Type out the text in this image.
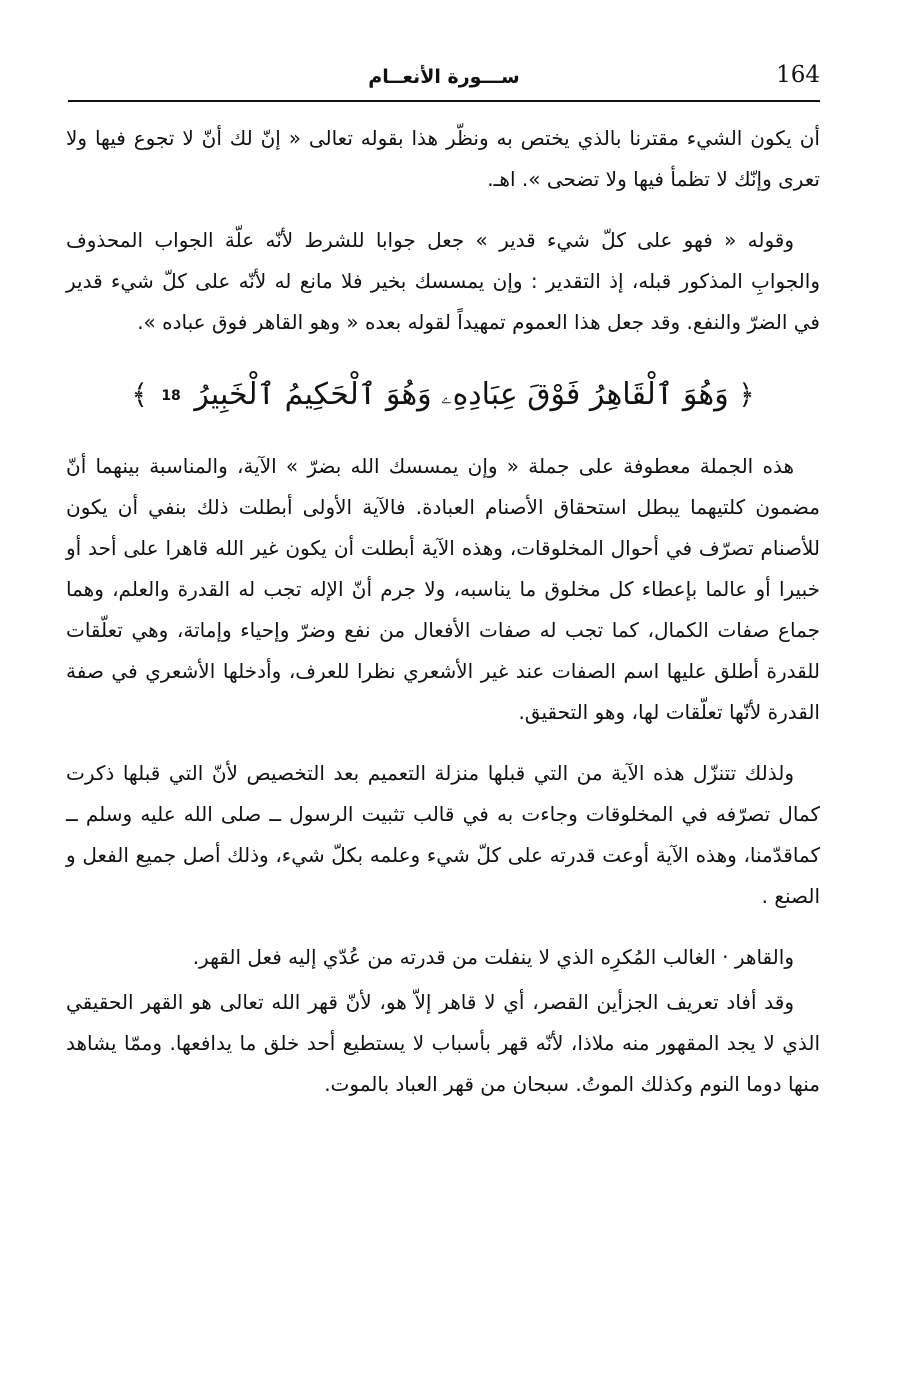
164
ســـورة الأنعــام

أن يكون الشيء مقترنا بالذي يختص به ونظّر هذا بقوله تعالى « إنّ لك أنّ لا تجوع فيها ولا تعرى وإنّك لا تظمأ فيها ولا تضحى ». اهـ.

وقوله « فهو على كلّ شيء قدير » جعل جوابا للشرط لأنّه علّة الجواب المحذوف والجوابِ المذكور قبله، إذ التقدير : وإن يمسسك بخير فلا مانع له لأنّه على كلّ شيء قدير في الضرّ والنفع. وقد جعل هذا العموم تمهيداً لقوله بعده « وهو القاهر فوق عباده ».

﴿ وَهُوَ ٱلْقَاهِرُ فَوْقَ عِبَادِهِۦ وَهُوَ ٱلْحَكِيمُ ٱلْخَبِيرُ 18 ﴾

هذه الجملة معطوفة على جملة « وإن يمسسك الله بضرّ » الآية، والمناسبة بينهما أنّ مضمون كلتيهما يبطل استحقاق الأصنام العبادة. فالآية الأولى أبطلت ذلك بنفي أن يكون للأصنام تصرّف في أحوال المخلوقات، وهذه الآية أبطلت أن يكون غير الله قاهرا على أحد أو خبيرا أو عالما بإعطاء كل مخلوق ما يناسبه، ولا جرم أنّ الإله تجب له القدرة والعلم، وهما جماع صفات الكمال، كما تجب له صفات الأفعال من نفع وضرّ وإحياء وإماتة، وهي تعلّقات للقدرة أطلق عليها اسم الصفات عند غير الأشعري نظرا للعرف، وأدخلها الأشعري في صفة القدرة لأنّها تعلّقات لها، وهو التحقيق.

ولذلك تتنزّل هذه الآية من التي قبلها منزلة التعميم بعد التخصيص لأنّ التي قبلها ذكرت كمال تصرّفه في المخلوقات وجاءت به في قالب تثبيت الرسول ــ صلى الله عليه وسلم ــ كماقدّمنا، وهذه الآية أوعت قدرته على كلّ شيء وعلمه بكلّ شيء، وذلك أصل جميع الفعل و الصنع .

والقاهر · الغالب المُكرِه الذي لا ينفلت من قدرته من عُدّي إليه فعل القهر.

وقد أفاد تعريف الجزأين القصر، أي لا قاهر إلاّ هو، لأنّ قهر الله تعالى هو القهر الحقيقي الذي لا يجد المقهور منه ملاذا، لأنّه قهر بأسباب لا يستطيع أحد خلق ما يدافعها. وممّا يشاهد منها دوما النوم وكذلك الموتُ. سبحان من قهر العباد بالموت.
